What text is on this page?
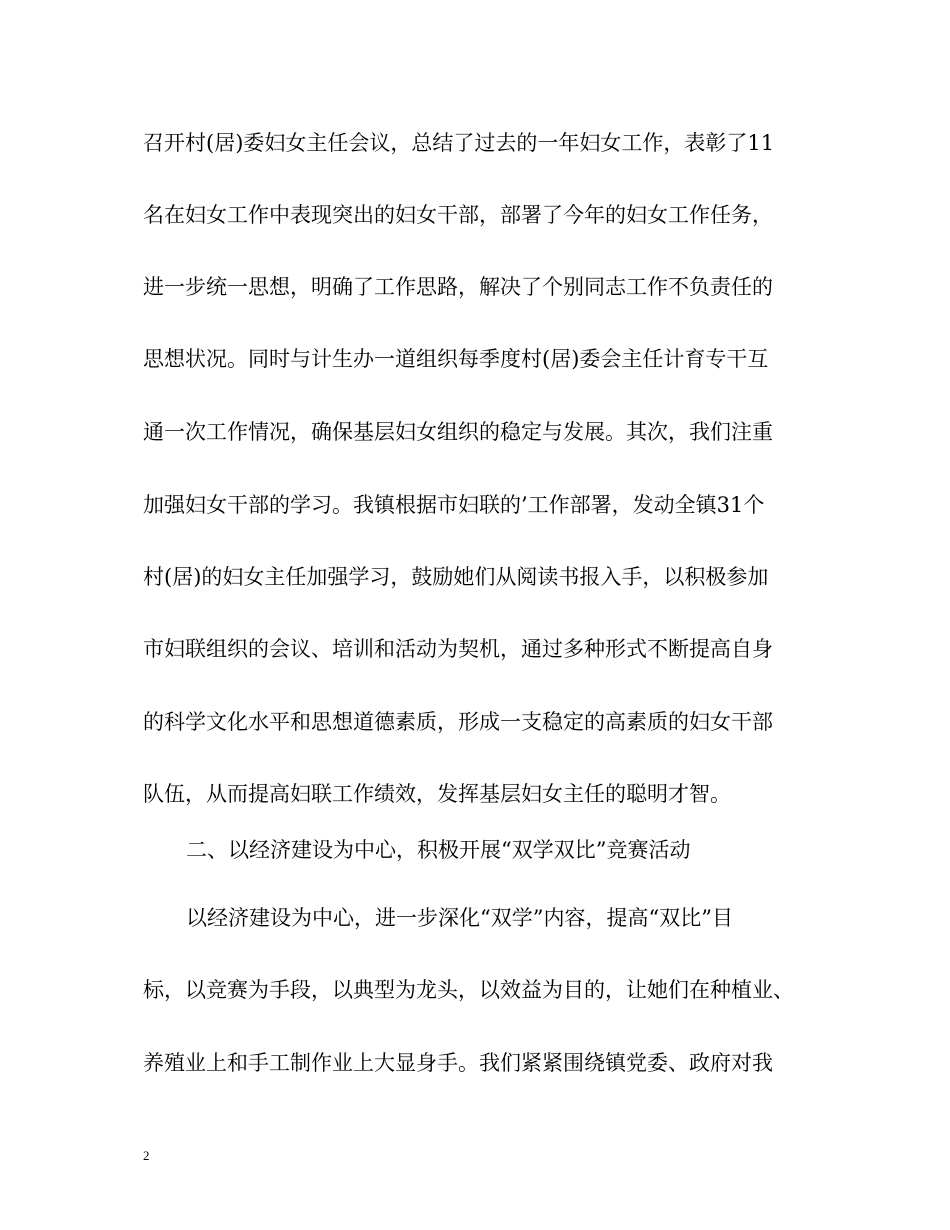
召开村(居)委妇女主任会议，总结了过去的一年妇女工作，表彰了11
名在妇女工作中表现突出的妇女干部，部署了今年的妇女工作任务，
进一步统一思想，明确了工作思路，解决了个别同志工作不负责任的
思想状况。同时与计生办一道组织每季度村(居)委会主任计育专干互
通一次工作情况，确保基层妇女组织的稳定与发展。其次，我们注重
加强妇女干部的学习。我镇根据市妇联的’工作部署，发动全镇31个
村(居)的妇女主任加强学习，鼓励她们从阅读书报入手，以积极参加
市妇联组织的会议、培训和活动为契机，通过多种形式不断提高自身
的科学文化水平和思想道德素质，形成一支稳定的高素质的妇女干部
队伍，从而提高妇联工作绩效，发挥基层妇女主任的聪明才智。
二、以经济建设为中心，积极开展“双学双比”竞赛活动
以经济建设为中心，进一步深化“双学”内容，提高“双比”目
标，以竞赛为手段，以典型为龙头，以效益为目的，让她们在种植业、
养殖业上和手工制作业上大显身手。我们紧紧围绕镇党委、政府对我
2
